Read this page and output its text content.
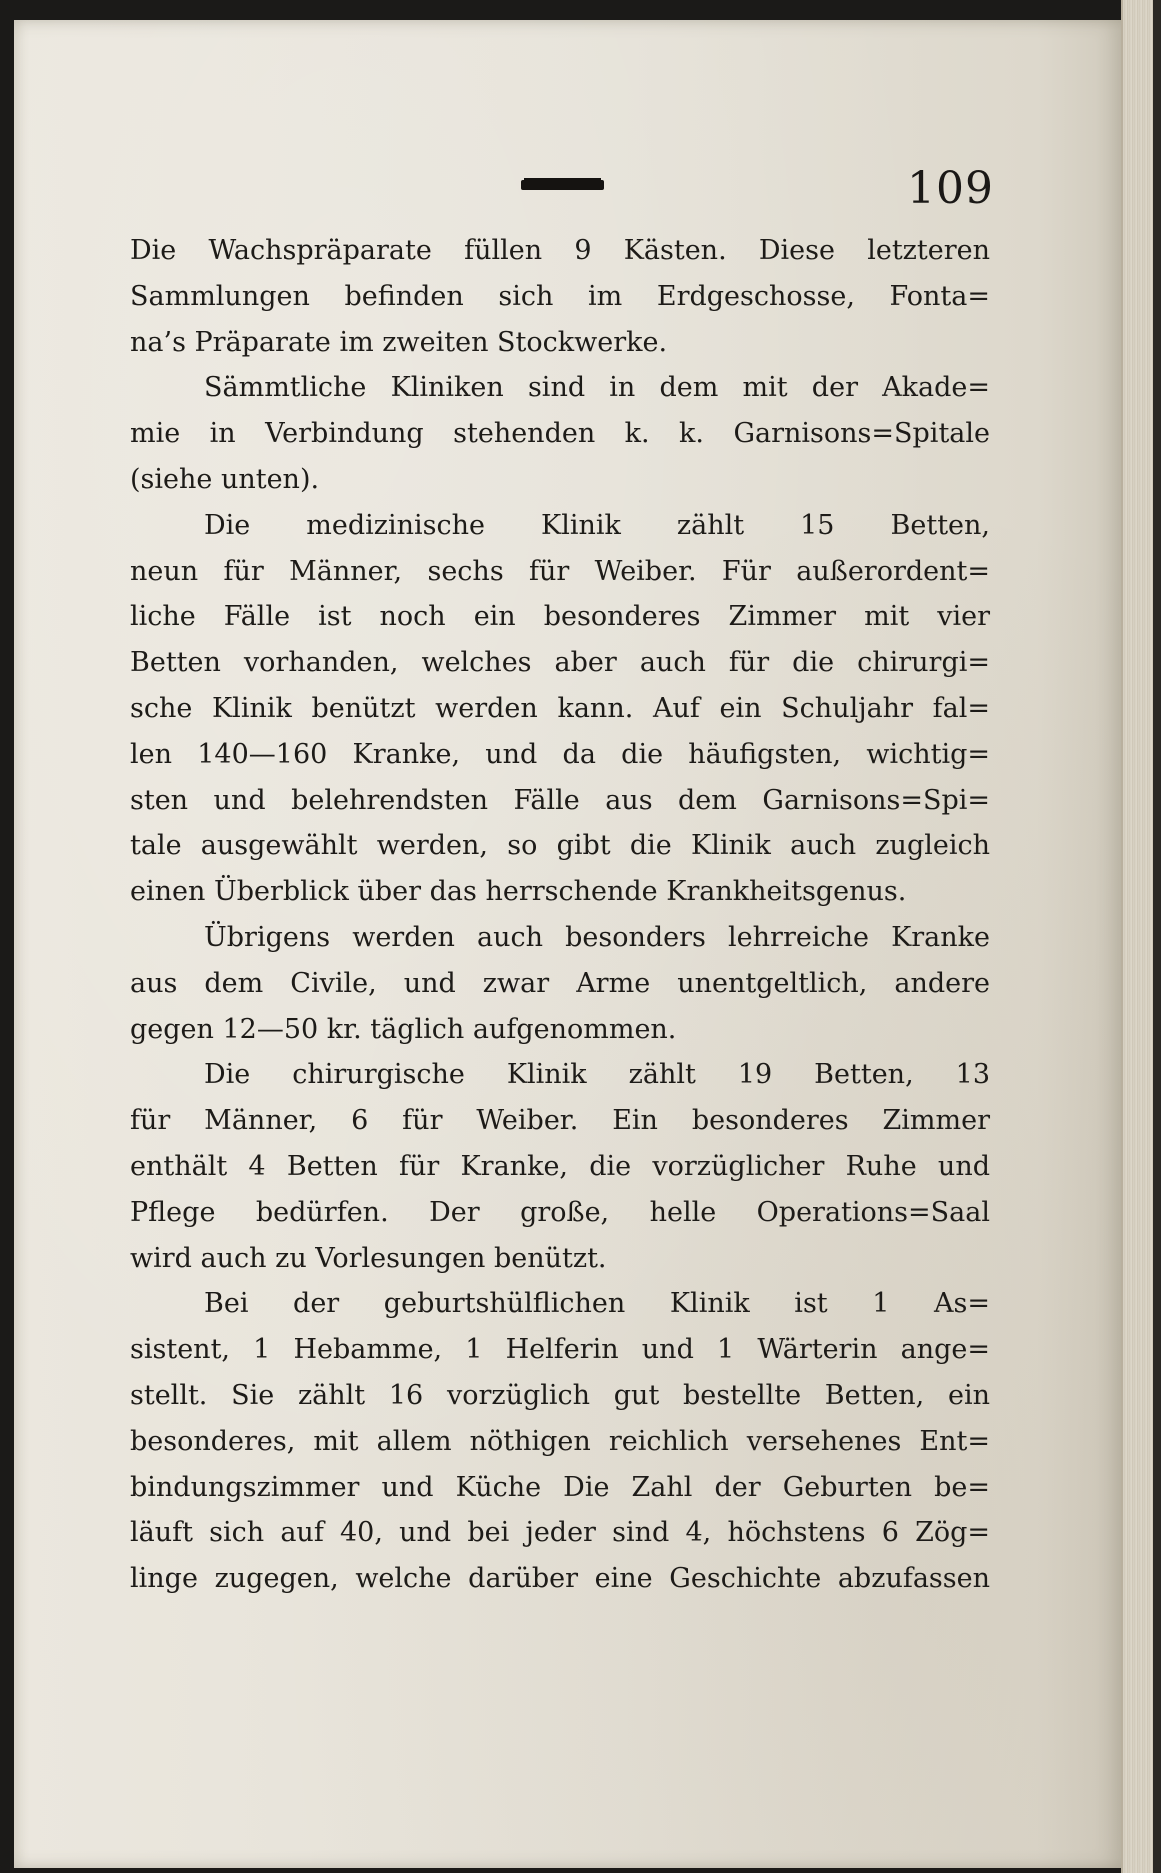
109
Die Wachspräparate füllen 9 Kästen. Diese letzteren
Sammlungen befinden sich im Erdgeschosse, Fonta=
na’s Präparate im zweiten Stockwerke.
Sämmtliche Kliniken sind in dem mit der Akade=
mie in Verbindung stehenden k. k. Garnisons=Spitale
(siehe unten).
Die medizinische Klinik zählt 15 Betten,
neun für Männer, sechs für Weiber. Für außerordent=
liche Fälle ist noch ein besonderes Zimmer mit vier
Betten vorhanden, welches aber auch für die chirurgi=
sche Klinik benützt werden kann. Auf ein Schuljahr fal=
len 140—160 Kranke, und da die häufigsten, wichtig=
sten und belehrendsten Fälle aus dem Garnisons=Spi=
tale ausgewählt werden, so gibt die Klinik auch zugleich
einen Überblick über das herrschende Krankheitsgenus.
Übrigens werden auch besonders lehrreiche Kranke
aus dem Civile, und zwar Arme unentgeltlich, andere
gegen 12—50 kr. täglich aufgenommen.
Die chirurgische Klinik zählt 19 Betten, 13
für Männer, 6 für Weiber. Ein besonderes Zimmer
enthält 4 Betten für Kranke, die vorzüglicher Ruhe und
Pflege bedürfen. Der große, helle Operations=Saal
wird auch zu Vorlesungen benützt.
Bei der geburtshülflichen Klinik ist 1 As=
sistent, 1 Hebamme, 1 Helferin und 1 Wärterin ange=
stellt. Sie zählt 16 vorzüglich gut bestellte Betten, ein
besonderes, mit allem nöthigen reichlich versehenes Ent=
bindungszimmer und Küche Die Zahl der Geburten be=
läuft sich auf 40, und bei jeder sind 4, höchstens 6 Zög=
linge zugegen, welche darüber eine Geschichte abzufassen
